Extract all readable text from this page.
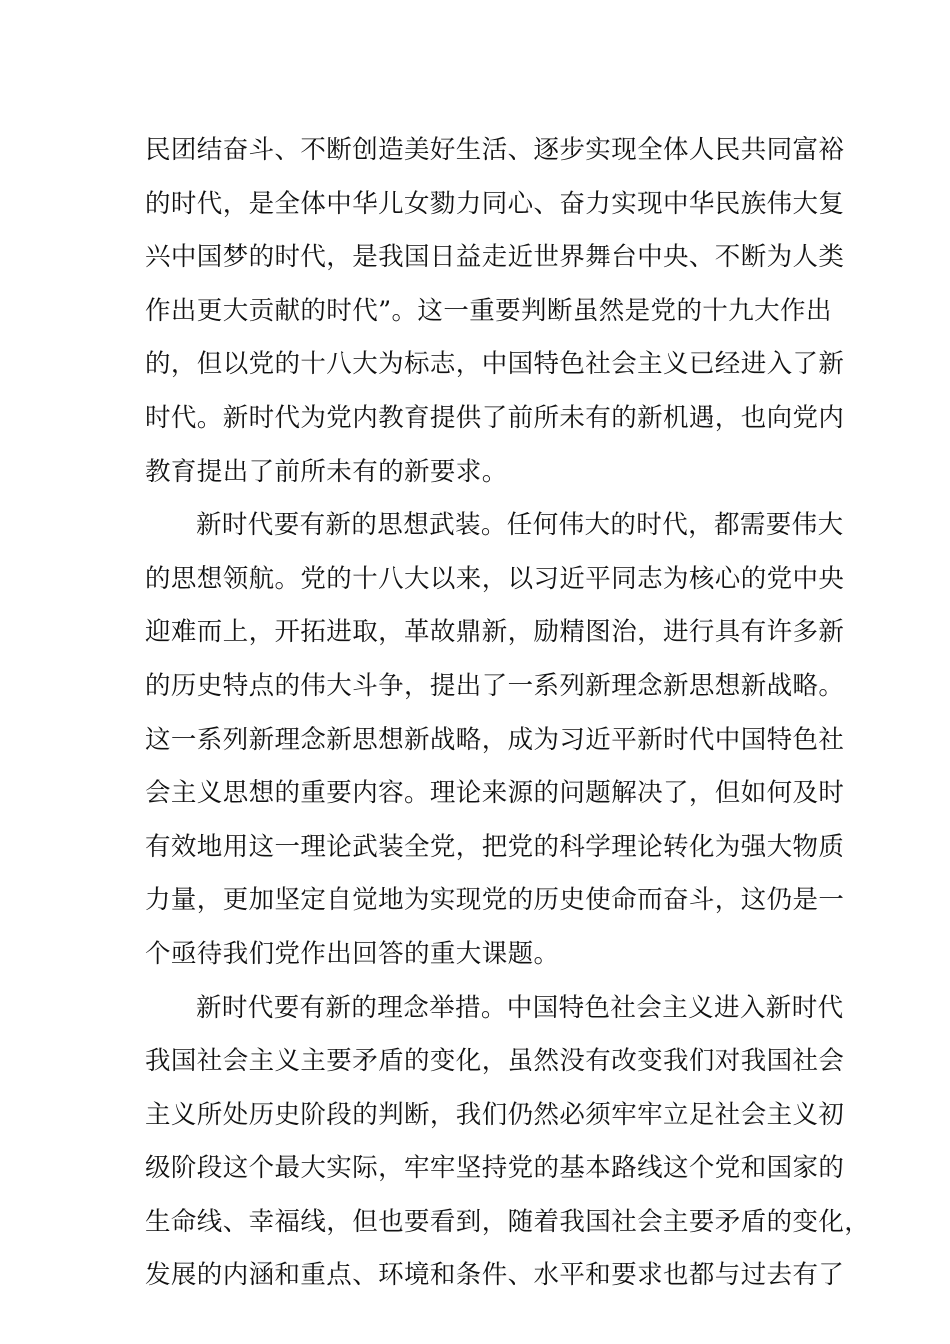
民团结奋斗、不断创造美好生活、逐步实现全体人民共同富裕
的时代，是全体中华儿女勠力同心、奋力实现中华民族伟大复
兴中国梦的时代，是我国日益走近世界舞台中央、不断为人类
作出更大贡献的时代”。这一重要判断虽然是党的十九大作出
的，但以党的十八大为标志，中国特色社会主义已经进入了新
时代。新时代为党内教育提供了前所未有的新机遇，也向党内
教育提出了前所未有的新要求。
新时代要有新的思想武装。任何伟大的时代，都需要伟大
的思想领航。党的十八大以来，以习近平同志为核心的党中央
迎难而上，开拓进取，革故鼎新，励精图治，进行具有许多新
的历史特点的伟大斗争，提出了一系列新理念新思想新战略。
这一系列新理念新思想新战略，成为习近平新时代中国特色社
会主义思想的重要内容。理论来源的问题解决了，但如何及时
有效地用这一理论武装全党，把党的科学理论转化为强大物质
力量，更加坚定自觉地为实现党的历史使命而奋斗，这仍是一
个亟待我们党作出回答的重大课题。
新时代要有新的理念举措。中国特色社会主义进入新时代
我国社会主义主要矛盾的变化，虽然没有改变我们对我国社会
主义所处历史阶段的判断，我们仍然必须牢牢立足社会主义初
级阶段这个最大实际，牢牢坚持党的基本路线这个党和国家的
生命线、幸福线，但也要看到，随着我国社会主要矛盾的变化，
发展的内涵和重点、环境和条件、水平和要求也都与过去有了
